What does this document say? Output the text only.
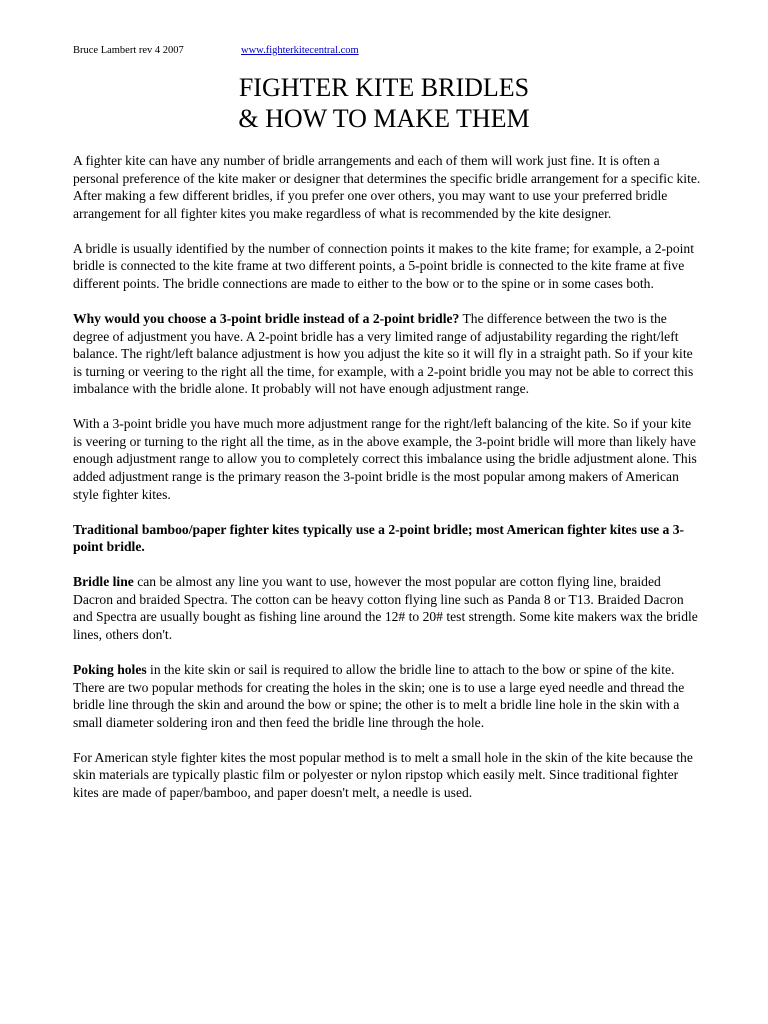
Bruce Lambert rev 4 2007	www.fighterkitecentral.com
FIGHTER KITE BRIDLES
& HOW TO MAKE THEM

A fighter kite can have any number of bridle arrangements and each of them will work just fine. It is often a personal preference of the kite maker or designer that determines the specific bridle arrangement for a specific kite. After making a few different bridles, if you prefer one over others, you may want to use your preferred bridle arrangement for all fighter kites you make regardless of what is recommended by the kite designer.

A bridle is usually identified by the number of connection points it makes to the kite frame; for example, a 2-point bridle is connected to the kite frame at two different points, a 5-point bridle is connected to the kite frame at five different points. The bridle connections are made to either to the bow or to the spine or in some cases both.

Why would you choose a 3-point bridle instead of a 2-point bridle? The difference between the two is the degree of adjustment you have. A 2-point bridle has a very limited range of adjustability regarding the right/left balance. The right/left balance adjustment is how you adjust the kite so it will fly in a straight path. So if your kite is turning or veering to the right all the time, for example, with a 2-point bridle you may not be able to correct this imbalance with the bridle alone. It probably will not have enough adjustment range.

With a 3-point bridle you have much more adjustment range for the right/left balancing of the kite. So if your kite is veering or turning to the right all the time, as in the above example, the 3-point bridle will more than likely have enough adjustment range to allow you to completely correct this imbalance using the bridle adjustment alone. This added adjustment range is the primary reason the 3-point bridle is the most popular among makers of American style fighter kites.

Traditional bamboo/paper fighter kites typically use a 2-point bridle; most American fighter kites use a 3-point bridle.

Bridle line can be almost any line you want to use, however the most popular are cotton flying line, braided Dacron and braided Spectra. The cotton can be heavy cotton flying line such as Panda 8 or T13. Braided Dacron and Spectra are usually bought as fishing line around the 12# to 20# test strength. Some kite makers wax the bridle lines, others don't.

Poking holes in the kite skin or sail is required to allow the bridle line to attach to the bow or spine of the kite. There are two popular methods for creating the holes in the skin; one is to use a large eyed needle and thread the bridle line through the skin and around the bow or spine; the other is to melt a bridle line hole in the skin with a small diameter soldering iron and then feed the bridle line through the hole.

For American style fighter kites the most popular method is to melt a small hole in the skin of the kite because the skin materials are typically plastic film or polyester or nylon ripstop which easily melt. Since traditional fighter kites are made of paper/bamboo, and paper doesn't melt, a needle is used.
